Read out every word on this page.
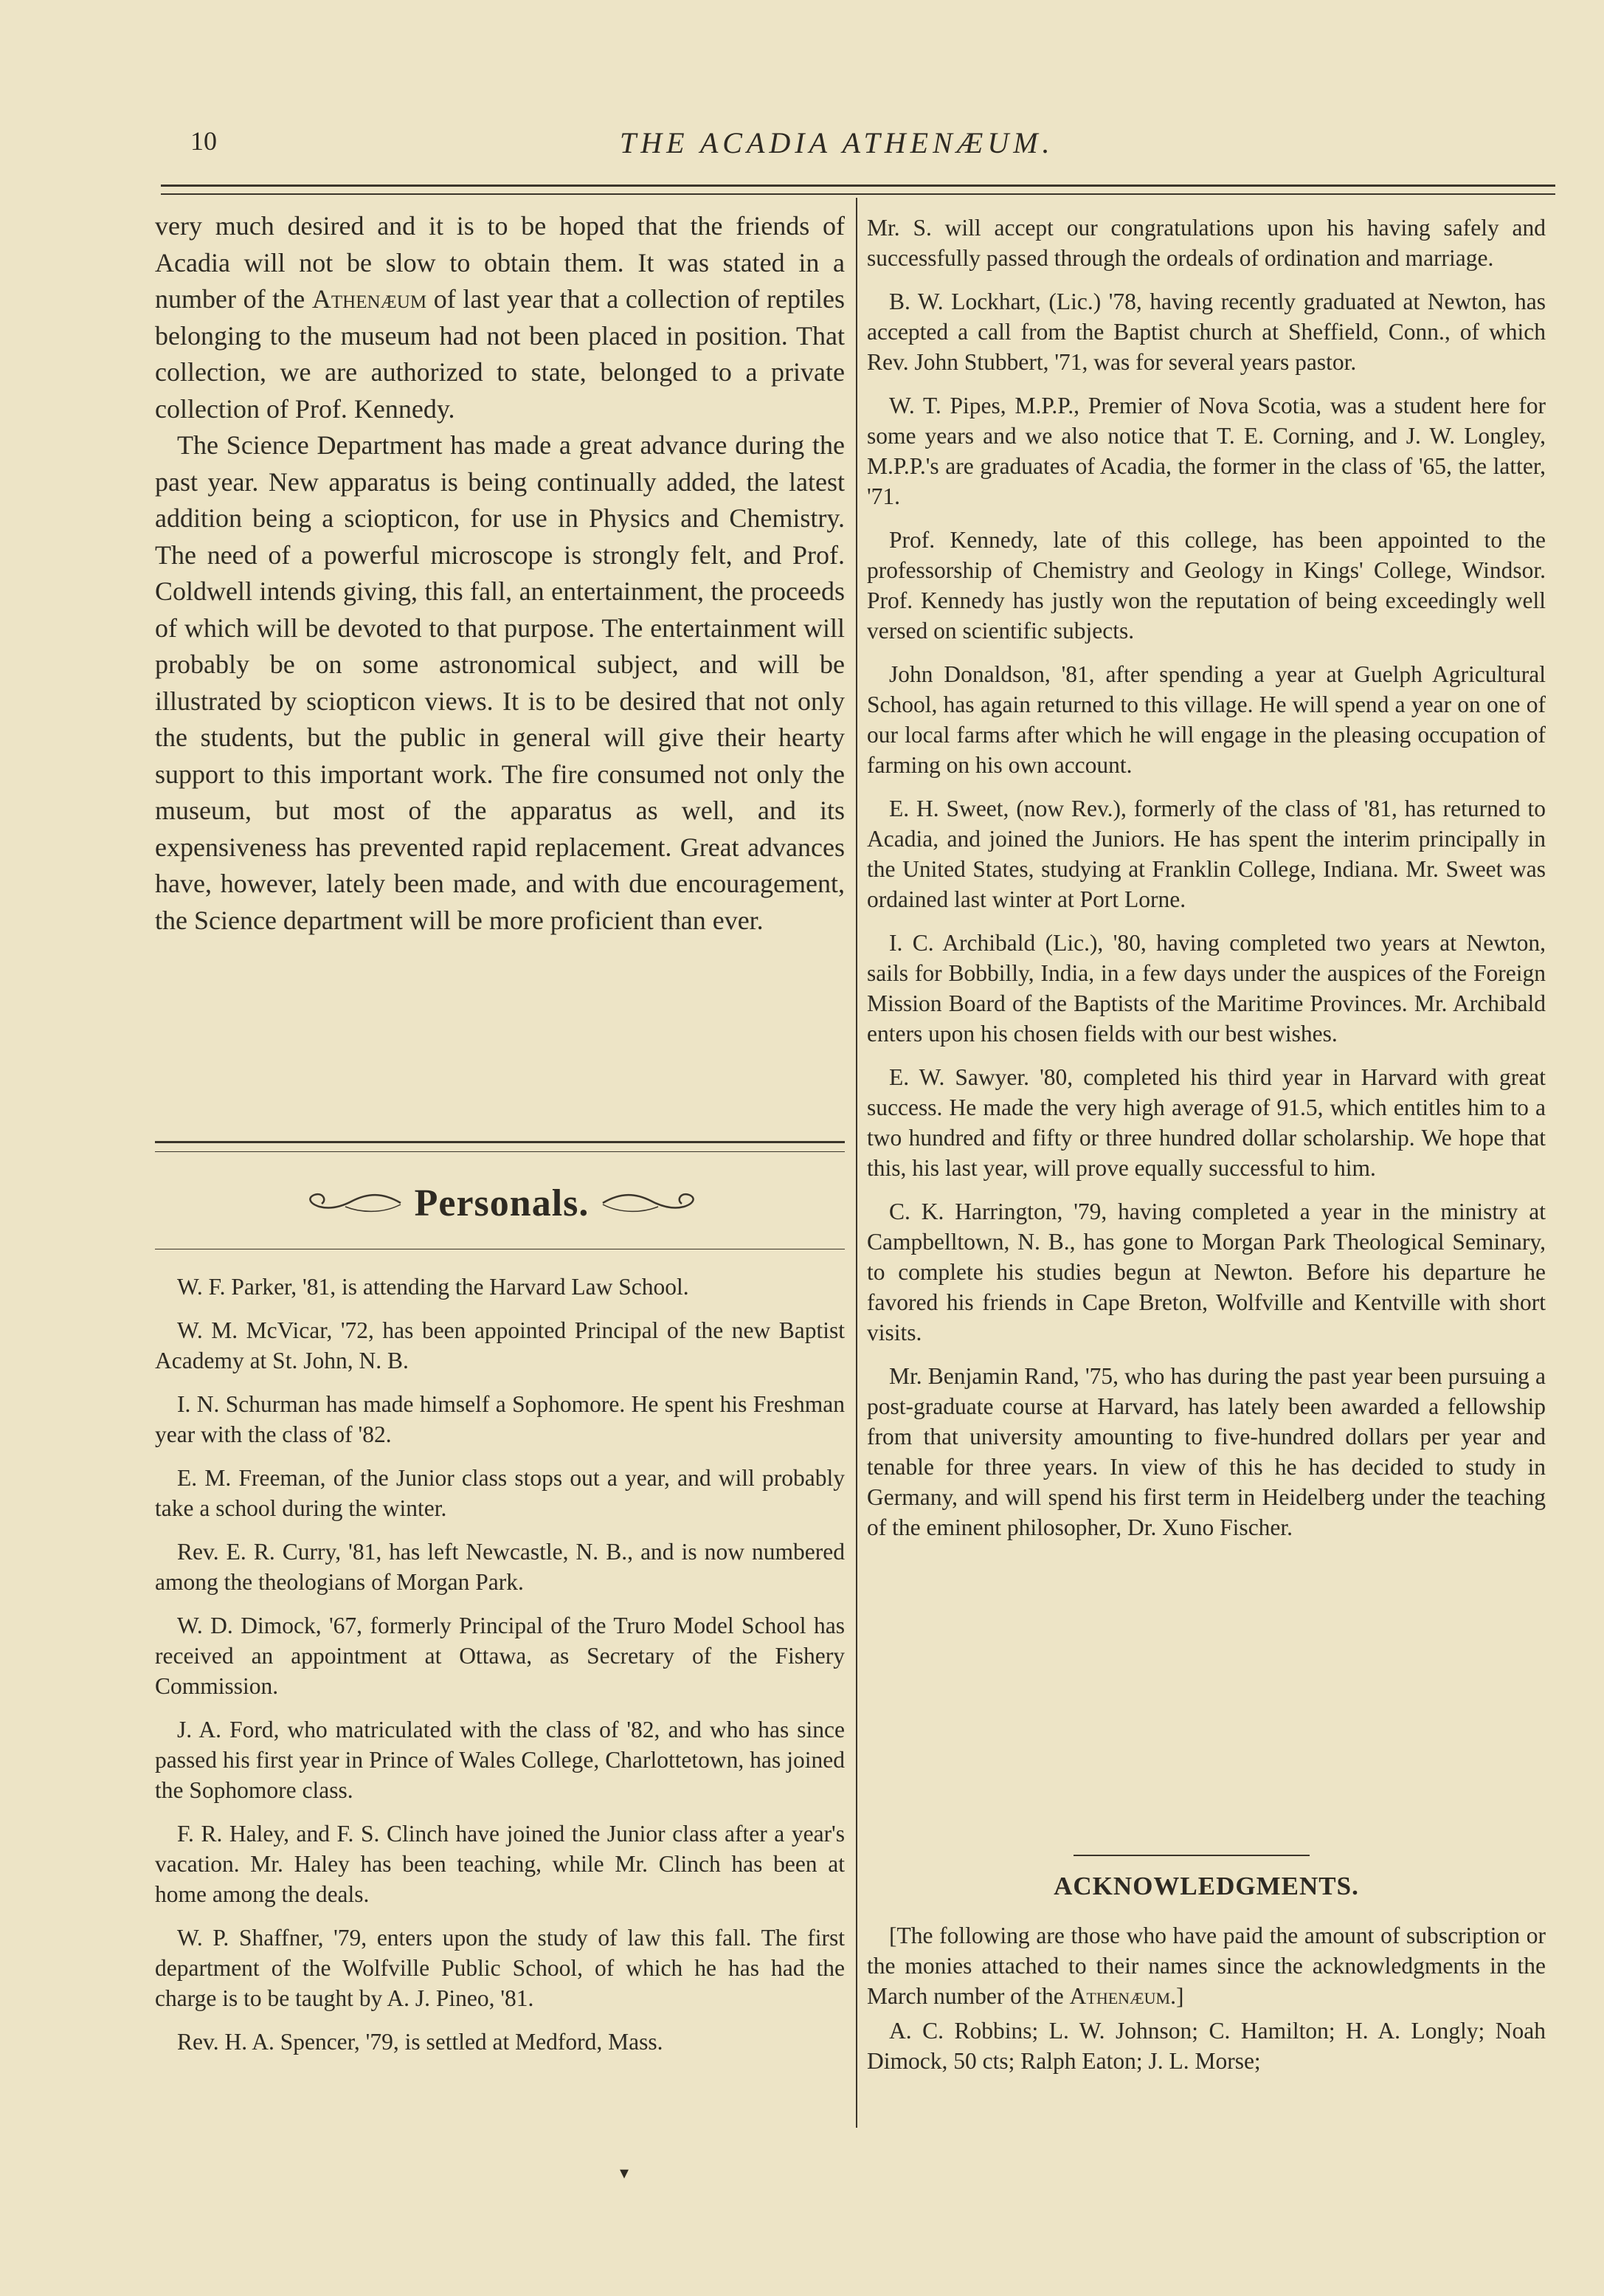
10	THE ACADIA ATHENÆUM.

very much desired and it is to be hoped that the friends of Acadia will not be slow to obtain them. It was stated in a number of the Athenæum of last year that a collection of reptiles belonging to the museum had not been placed in position. That collection, we are authorized to state, belonged to a private collection of Prof. Kennedy.

The Science Department has made a great advance during the past year. New apparatus is being continually added, the latest addition being a sciopticon, for use in Physics and Chemistry. The need of a powerful microscope is strongly felt, and Prof. Coldwell intends giving, this fall, an entertainment, the proceeds of which will be devoted to that purpose. The entertainment will probably be on some astronomical subject, and will be illustrated by sciopticon views. It is to be desired that not only the students, but the public in general will give their hearty support to this important work. The fire consumed not only the museum, but most of the apparatus as well, and its expensiveness has prevented rapid replacement. Great advances have, however, lately been made, and with due encouragement, the Science department will be more proficient than ever.

Personals.

W. F. Parker, '81, is attending the Harvard Law School.

W. M. McVicar, '72, has been appointed Principal of the new Baptist Academy at St. John, N. B.

I. N. Schurman has made himself a Sophomore. He spent his Freshman year with the class of '82.

E. M. Freeman, of the Junior class stops out a year, and will probably take a school during the winter.

Rev. E. R. Curry, '81, has left Newcastle, N. B., and is now numbered among the theologians of Morgan Park.

W. D. Dimock, '67, formerly Principal of the Truro Model School has received an appointment at Ottawa, as Secretary of the Fishery Commission.

J. A. Ford, who matriculated with the class of '82, and who has since passed his first year in Prince of Wales College, Charlottetown, has joined the Sophomore class.

F. R. Haley, and F. S. Clinch have joined the Junior class after a year's vacation. Mr. Haley has been teaching, while Mr. Clinch has been at home among the deals.

W. P. Shaffner, '79, enters upon the study of law this fall. The first department of the Wolfville Public School, of which he has had the charge is to be taught by A. J. Pineo, '81.

Rev. H. A. Spencer, '79, is settled at Medford, Mass.

Mr. S. will accept our congratulations upon his having safely and successfully passed through the ordeals of ordination and marriage.

B. W. Lockhart, (Lic.) '78, having recently graduated at Newton, has accepted a call from the Baptist church at Sheffield, Conn., of which Rev. John Stubbert, '71, was for several years pastor.

W. T. Pipes, M.P.P., Premier of Nova Scotia, was a student here for some years and we also notice that T. E. Corning, and J. W. Longley, M.P.P.'s are graduates of Acadia, the former in the class of '65, the latter, '71.

Prof. Kennedy, late of this college, has been appointed to the professorship of Chemistry and Geology in Kings' College, Windsor. Prof. Kennedy has justly won the reputation of being exceedingly well versed on scientific subjects.

John Donaldson, '81, after spending a year at Guelph Agricultural School, has again returned to this village. He will spend a year on one of our local farms after which he will engage in the pleasing occupation of farming on his own account.

E. H. Sweet, (now Rev.), formerly of the class of '81, has returned to Acadia, and joined the Juniors. He has spent the interim principally in the United States, studying at Franklin College, Indiana. Mr. Sweet was ordained last winter at Port Lorne.

I. C. Archibald (Lic.), '80, having completed two years at Newton, sails for Bobbilly, India, in a few days under the auspices of the Foreign Mission Board of the Baptists of the Maritime Provinces. Mr. Archibald enters upon his chosen fields with our best wishes.

E. W. Sawyer. '80, completed his third year in Harvard with great success. He made the very high average of 91.5, which entitles him to a two hundred and fifty or three hundred dollar scholarship. We hope that this, his last year, will prove equally successful to him.

C. K. Harrington, '79, having completed a year in the ministry at Campbelltown, N. B., has gone to Morgan Park Theological Seminary, to complete his studies begun at Newton. Before his departure he favored his friends in Cape Breton, Wolfville and Kentville with short visits.

Mr. Benjamin Rand, '75, who has during the past year been pursuing a post-graduate course at Harvard, has lately been awarded a fellowship from that university amounting to five-hundred dollars per year and tenable for three years. In view of this he has decided to study in Germany, and will spend his first term in Heidelberg under the teaching of the eminent philosopher, Dr. Xuno Fischer.

ACKNOWLEDGMENTS.

[The following are those who have paid the amount of subscription or the monies attached to their names since the acknowledgments in the March number of the Athenæum.]

A. C. Robbins; L. W. Johnson; C. Hamilton; H. A. Longly; Noah Dimock, 50 cts; Ralph Eaton; J. L. Morse;

▾
